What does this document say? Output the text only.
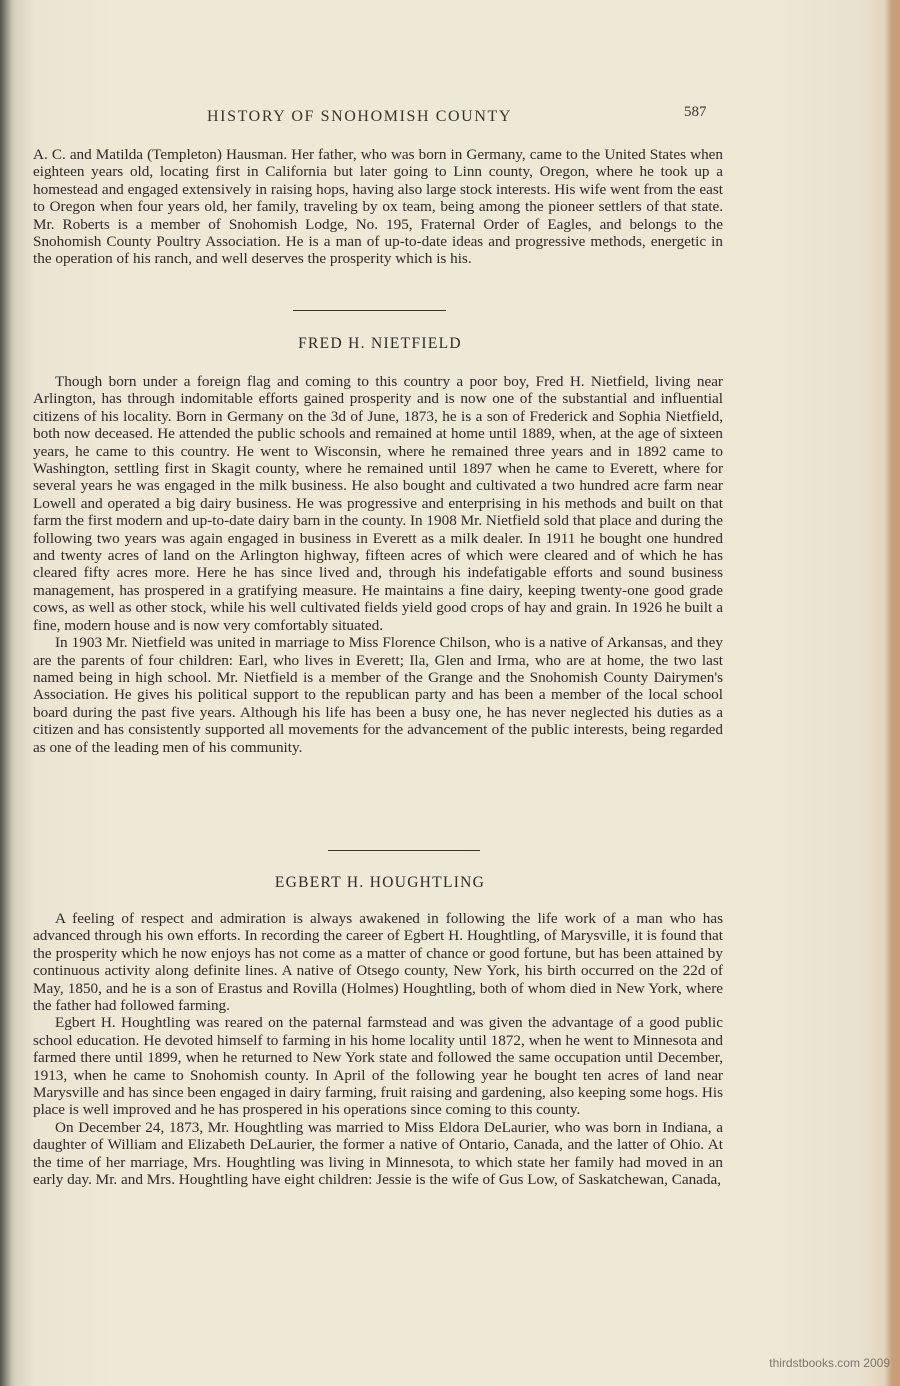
HISTORY OF SNOHOMISH COUNTY	587

A. C. and Matilda (Templeton) Hausman. Her father, who was born in Germany, came to the United States when eighteen years old, locating first in California but later going to Linn county, Oregon, where he took up a homestead and engaged extensively in raising hops, having also large stock interests. His wife went from the east to Oregon when four years old, her family, traveling by ox team, being among the pioneer settlers of that state. Mr. Roberts is a member of Snohomish Lodge, No. 195, Fraternal Order of Eagles, and belongs to the Snohomish County Poultry Association. He is a man of up-to-date ideas and progressive methods, energetic in the operation of his ranch, and well deserves the prosperity which is his.

FRED H. NIETFIELD

Though born under a foreign flag and coming to this country a poor boy, Fred H. Nietfield, living near Arlington, has through indomitable efforts gained prosperity and is now one of the substantial and influential citizens of his locality. Born in Germany on the 3d of June, 1873, he is a son of Frederick and Sophia Nietfield, both now deceased. He attended the public schools and remained at home until 1889, when, at the age of sixteen years, he came to this country. He went to Wisconsin, where he remained three years and in 1892 came to Washington, settling first in Skagit county, where he remained until 1897 when he came to Everett, where for several years he was engaged in the milk business. He also bought and cultivated a two hundred acre farm near Lowell and operated a big dairy business. He was progressive and enterprising in his methods and built on that farm the first modern and up-to-date dairy barn in the county. In 1908 Mr. Nietfield sold that place and during the following two years was again engaged in business in Everett as a milk dealer. In 1911 he bought one hundred and twenty acres of land on the Arlington highway, fifteen acres of which were cleared and of which he has cleared fifty acres more. Here he has since lived and, through his indefatigable efforts and sound business management, has prospered in a gratifying measure. He maintains a fine dairy, keeping twenty-one good grade cows, as well as other stock, while his well cultivated fields yield good crops of hay and grain. In 1926 he built a fine, modern house and is now very comfortably situated.

In 1903 Mr. Nietfield was united in marriage to Miss Florence Chilson, who is a native of Arkansas, and they are the parents of four children: Earl, who lives in Everett; Ila, Glen and Irma, who are at home, the two last named being in high school. Mr. Nietfield is a member of the Grange and the Snohomish County Dairymen's Association. He gives his political support to the republican party and has been a member of the local school board during the past five years. Although his life has been a busy one, he has never neglected his duties as a citizen and has consistently supported all movements for the advancement of the public interests, being regarded as one of the leading men of his community.

EGBERT H. HOUGHTLING

A feeling of respect and admiration is always awakened in following the life work of a man who has advanced through his own efforts. In recording the career of Egbert H. Houghtling, of Marysville, it is found that the prosperity which he now enjoys has not come as a matter of chance or good fortune, but has been attained by continuous activity along definite lines. A native of Otsego county, New York, his birth occurred on the 22d of May, 1850, and he is a son of Erastus and Rovilla (Holmes) Houghtling, both of whom died in New York, where the father had followed farming.

Egbert H. Houghtling was reared on the paternal farmstead and was given the advantage of a good public school education. He devoted himself to farming in his home locality until 1872, when he went to Minnesota and farmed there until 1899, when he returned to New York state and followed the same occupation until December, 1913, when he came to Snohomish county. In April of the following year he bought ten acres of land near Marysville and has since been engaged in dairy farming, fruit raising and gardening, also keeping some hogs. His place is well improved and he has prospered in his operations since coming to this county.

On December 24, 1873, Mr. Houghtling was married to Miss Eldora DeLaurier, who was born in Indiana, a daughter of William and Elizabeth DeLaurier, the former a native of Ontario, Canada, and the latter of Ohio. At the time of her marriage, Mrs. Houghtling was living in Minnesota, to which state her family had moved in an early day. Mr. and Mrs. Houghtling have eight children: Jessie is the wife of Gus Low, of Saskatchewan, Canada,

thirdstbooks.com 2009
